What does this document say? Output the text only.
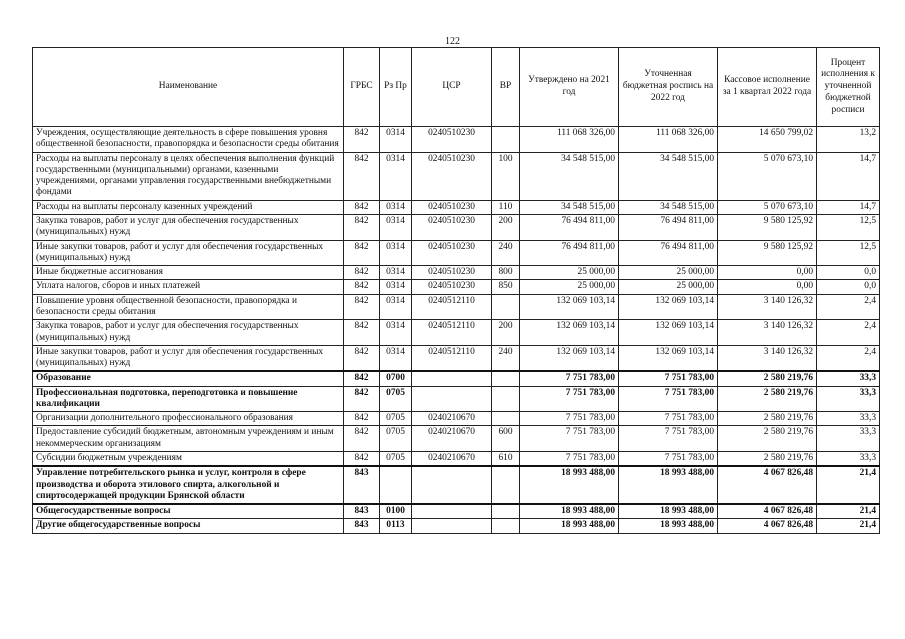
122
Наименование	ГРБС	Рз Пр	ЦСР	ВР	Утверждено на 2021 год	Уточненная бюджетная роспись на 2022 год	Кассовое исполнение за 1 квартал 2022 года	Процент исполнения к уточненной бюджетной росписи
Учреждения, осуществляющие деятельность в сфере повышения уровня общественной безопасности, правопорядка и безопасности среды обитания	842	0314	0240510230		111 068 326,00	111 068 326,00	14 650 799,02	13,2
Расходы на выплаты персоналу в целях обеспечения выполнения функций государственными (муниципальными) органами, казенными учреждениями, органами управления государственными внебюджетными фондами	842	0314	0240510230	100	34 548 515,00	34 548 515,00	5 070 673,10	14,7
Расходы на выплаты персоналу казенных учреждений	842	0314	0240510230	110	34 548 515,00	34 548 515,00	5 070 673,10	14,7
Закупка товаров, работ и услуг для обеспечения государственных (муниципальных) нужд	842	0314	0240510230	200	76 494 811,00	76 494 811,00	9 580 125,92	12,5
Иные закупки товаров, работ и услуг для обеспечения государственных (муниципальных) нужд	842	0314	0240510230	240	76 494 811,00	76 494 811,00	9 580 125,92	12,5
Иные бюджетные ассигнования	842	0314	0240510230	800	25 000,00	25 000,00	0,00	0,0
Уплата налогов, сборов и иных платежей	842	0314	0240510230	850	25 000,00	25 000,00	0,00	0,0
Повышение уровня общественной безопасности, правопорядка и безопасности среды обитания	842	0314	0240512110		132 069 103,14	132 069 103,14	3 140 126,32	2,4
Закупка товаров, работ и услуг для обеспечения государственных (муниципальных) нужд	842	0314	0240512110	200	132 069 103,14	132 069 103,14	3 140 126,32	2,4
Иные закупки товаров, работ и услуг для обеспечения государственных (муниципальных) нужд	842	0314	0240512110	240	132 069 103,14	132 069 103,14	3 140 126,32	2,4
Образование	842	0700			7 751 783,00	7 751 783,00	2 580 219,76	33,3
Профессиональная подготовка, переподготовка и повышение квалификации	842	0705			7 751 783,00	7 751 783,00	2 580 219,76	33,3
Организации дополнительного профессионального образования	842	0705	0240210670		7 751 783,00	7 751 783,00	2 580 219,76	33,3
Предоставление субсидий бюджетным, автономным учреждениям и иным некоммерческим организациям	842	0705	0240210670	600	7 751 783,00	7 751 783,00	2 580 219,76	33,3
Субсидии бюджетным учреждениям	842	0705	0240210670	610	7 751 783,00	7 751 783,00	2 580 219,76	33,3
Управление потребительского рынка и услуг, контроля в сфере производства и оборота этилового спирта, алкогольной и спиртосодержащей продукции Брянской области	843				18 993 488,00	18 993 488,00	4 067 826,48	21,4
Общегосударственные вопросы	843	0100			18 993 488,00	18 993 488,00	4 067 826,48	21,4
Другие общегосударственные вопросы	843	0113			18 993 488,00	18 993 488,00	4 067 826,48	21,4
